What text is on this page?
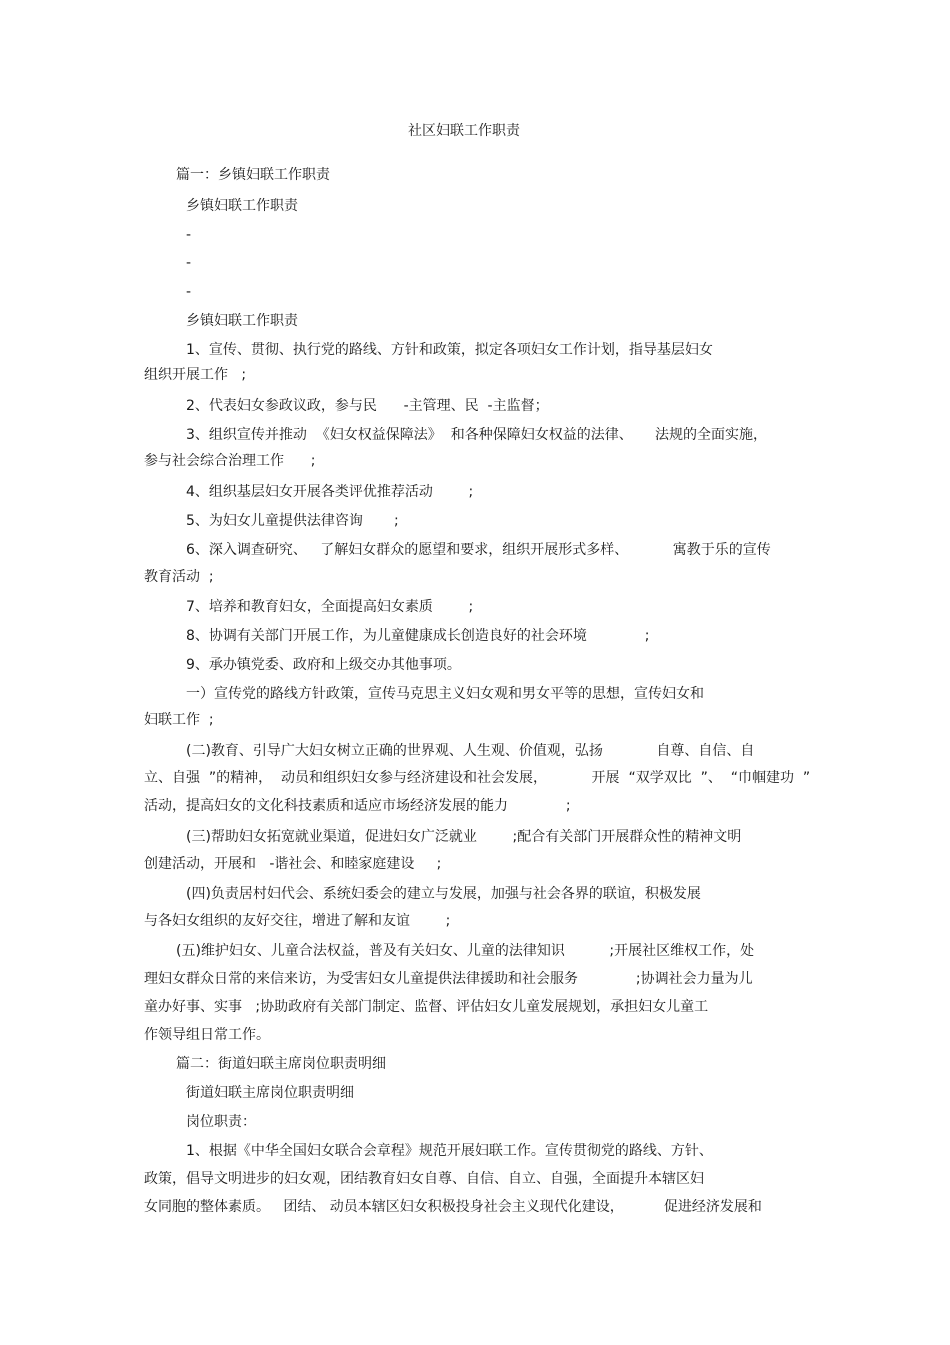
社区妇联工作职责
篇一：乡镇妇联工作职责
乡镇妇联工作职责
-
-
-
乡镇妇联工作职责
1、宣传、贯彻、执行党的路线、方针和政策，拟定各项妇女工作计划，指导基层妇女
组织开展工作   ;
2、代表妇女参政议政，参与民      -主管理、民  -主监督；
3、组织宣传并推动  《妇女权益保障法》  和各种保障妇女权益的法律、     法规的全面实施，
参与社会综合治理工作      ;
4、组织基层妇女开展各类评优推荐活动        ;
5、为妇女儿童提供法律咨询       ;
6、深入调查研究、   了解妇女群众的愿望和要求，组织开展形式多样、          寓教于乐的宣传
教育活动  ;
7、培养和教育妇女，全面提高妇女素质        ;
8、协调有关部门开展工作，为儿童健康成长创造良好的社会环境             ;
9、承办镇党委、政府和上级交办其他事项。
一）宣传党的路线方针政策，宣传马克思主义妇女观和男女平等的思想，宣传妇女和
妇联工作  ;
(二)教育、引导广大妇女树立正确的世界观、人生观、价值观，弘扬            自尊、自信、自
立、自强  ”的精神，  动员和组织妇女参与经济建设和社会发展，          开展  “双学双比  ”、  “巾帼建功  ”
活动，提高妇女的文化科技素质和适应市场经济发展的能力             ;
(三)帮助妇女拓宽就业渠道，促进妇女广泛就业        ;配合有关部门开展群众性的精神文明
创建活动，开展和   -谐社会、和睦家庭建设     ;
(四)负责居村妇代会、系统妇委会的建立与发展，加强与社会各界的联谊，积极发展
与各妇女组织的友好交往，增进了解和友谊        ;
(五)维护妇女、儿童合法权益，普及有关妇女、儿童的法律知识          ;开展社区维权工作，处
理妇女群众日常的来信来访，为受害妇女儿童提供法律援助和社会服务             ;协调社会力量为儿
童办好事、实事   ;协助政府有关部门制定、监督、评估妇女儿童发展规划，承担妇女儿童工
作领导组日常工作。
篇二：街道妇联主席岗位职责明细
街道妇联主席岗位职责明细
岗位职责：
1、根据《中华全国妇女联合会章程》规范开展妇联工作。宣传贯彻党的路线、方针、
政策，倡导文明进步的妇女观，团结教育妇女自尊、自信、自立、自强，全面提升本辖区妇
女同胞的整体素质。   团结、 动员本辖区妇女积极投身社会主义现代化建设，         促进经济发展和
